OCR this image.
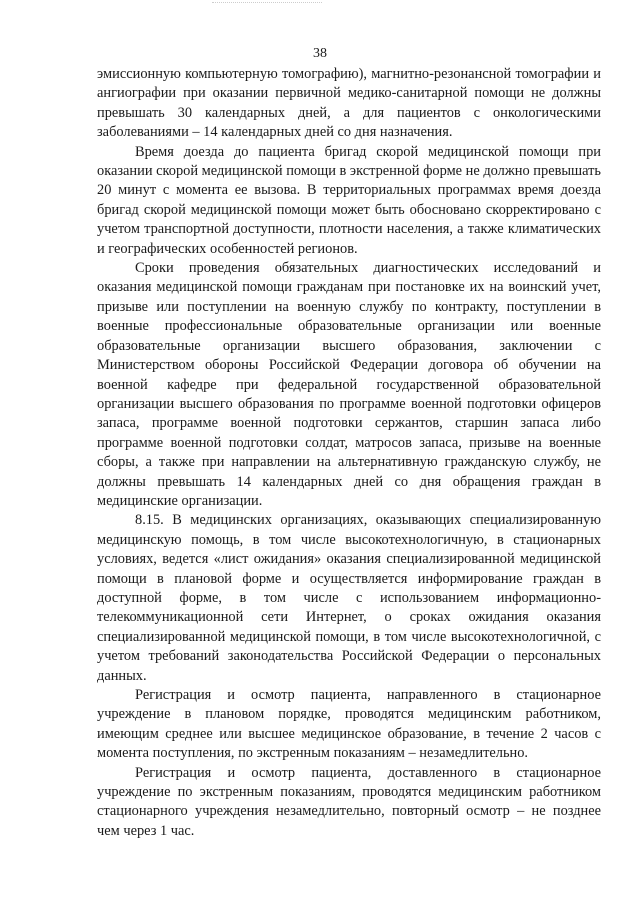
38

эмиссионную компьютерную томографию), магнитно-резонансной томографии и ангиографии при оказании первичной медико-санитарной помощи не должны превышать 30 календарных дней, а для пациентов с онкологическими заболеваниями – 14 календарных дней со дня назначения.

Время доезда до пациента бригад скорой медицинской помощи при оказании скорой медицинской помощи в экстренной форме не должно превышать 20 минут с момента ее вызова. В территориальных программах время доезда бригад скорой медицинской помощи может быть обосновано скорректировано с учетом транспортной доступности, плотности населения, а также климатических и географических особенностей регионов.

Сроки проведения обязательных диагностических исследований и оказания медицинской помощи гражданам при постановке их на воинский учет, призыве или поступлении на военную службу по контракту, поступлении в военные профессиональные образовательные организации или военные образовательные организации высшего образования, заключении с Министерством обороны Российской Федерации договора об обучении на военной кафедре при федеральной государственной образовательной организации высшего образования по программе военной подготовки офицеров запаса, программе военной подготовки сержантов, старшин запаса либо программе военной подготовки солдат, матросов запаса, призыве на военные сборы, а также при направлении на альтернативную гражданскую службу, не должны превышать 14 календарных дней со дня обращения граждан в медицинские организации.

8.15. В медицинских организациях, оказывающих специализированную медицинскую помощь, в том числе высокотехнологичную, в стационарных условиях, ведется «лист ожидания» оказания специализированной медицинской помощи в плановой форме и осуществляется информирование граждан в доступной форме, в том числе с использованием информационно-телекоммуникационной сети Интернет, о сроках ожидания оказания специализированной медицинской помощи, в том числе высокотехнологичной, с учетом требований законодательства Российской Федерации о персональных данных.

Регистрация и осмотр пациента, направленного в стационарное учреждение в плановом порядке, проводятся медицинским работником, имеющим среднее или высшее медицинское образование, в течение 2 часов с момента поступления, по экстренным показаниям – незамедлительно.

Регистрация и осмотр пациента, доставленного в стационарное учреждение по экстренным показаниям, проводятся медицинским работником стационарного учреждения незамедлительно, повторный осмотр – не позднее чем через 1 час.
